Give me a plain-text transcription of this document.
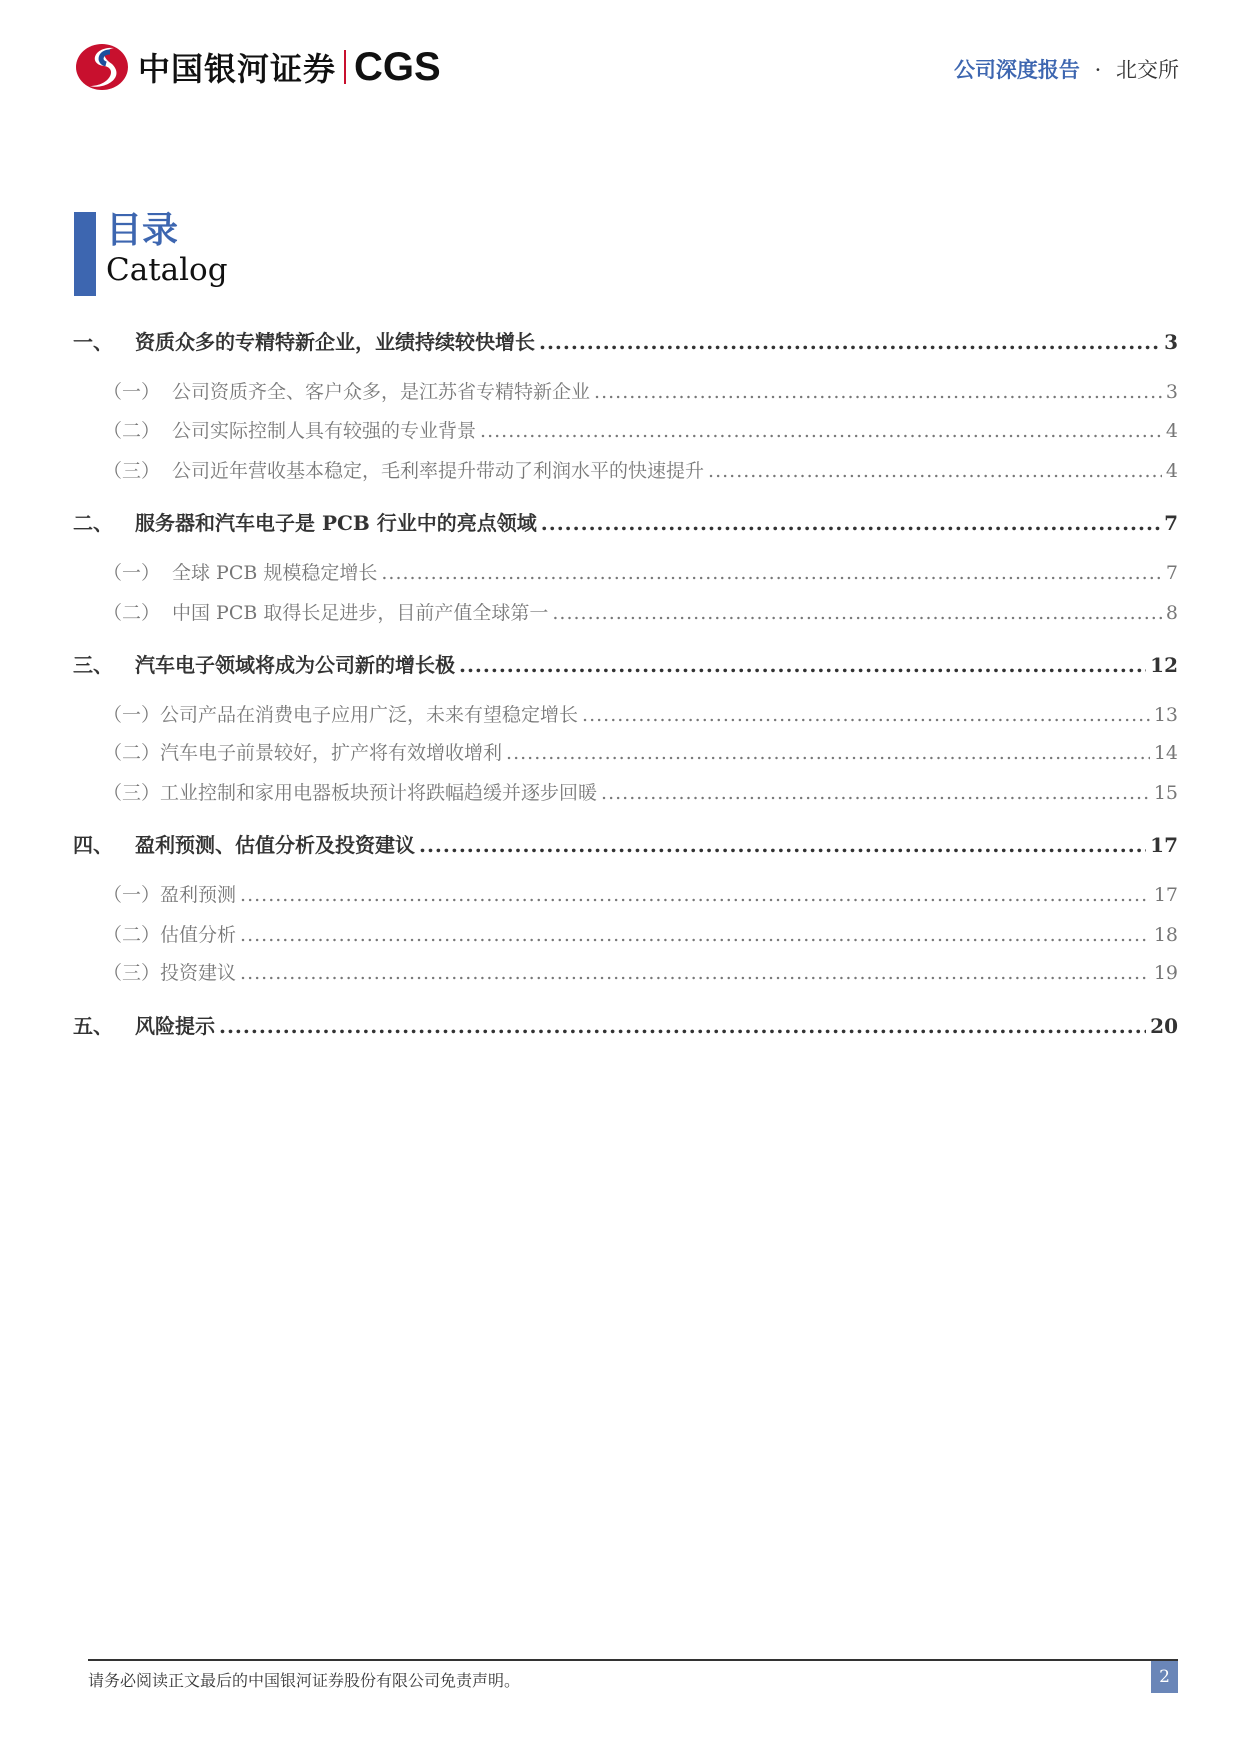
中国银河证券 CGS	公司深度报告 · 北交所
目录
Catalog
一、 资质众多的专精特新企业，业绩持续较快增长 .....	3
（一） 公司资质齐全、客户众多，是江苏省专精特新企业 .....	3
（二） 公司实际控制人具有较强的专业背景 .....	4
（三） 公司近年营收基本稳定，毛利率提升带动了利润水平的快速提升 .....	4
二、 服务器和汽车电子是 PCB 行业中的亮点领域 .....	7
（一） 全球 PCB 规模稳定增长 .....	7
（二） 中国 PCB 取得长足进步，目前产值全球第一 .....	8
三、 汽车电子领域将成为公司新的增长极 .....	12
（一） 公司产品在消费电子应用广泛，未来有望稳定增长 .....	13
（二） 汽车电子前景较好，扩产将有效增收增利 .....	14
（三） 工业控制和家用电器板块预计将跌幅趋缓并逐步回暖 .....	15
四、 盈利预测、估值分析及投资建议 .....	17
（一） 盈利预测 .....	17
（二） 估值分析 .....	18
（三） 投资建议 .....	19
五、 风险提示 .....	20
请务必阅读正文最后的中国银河证券股份有限公司免责声明。	2
